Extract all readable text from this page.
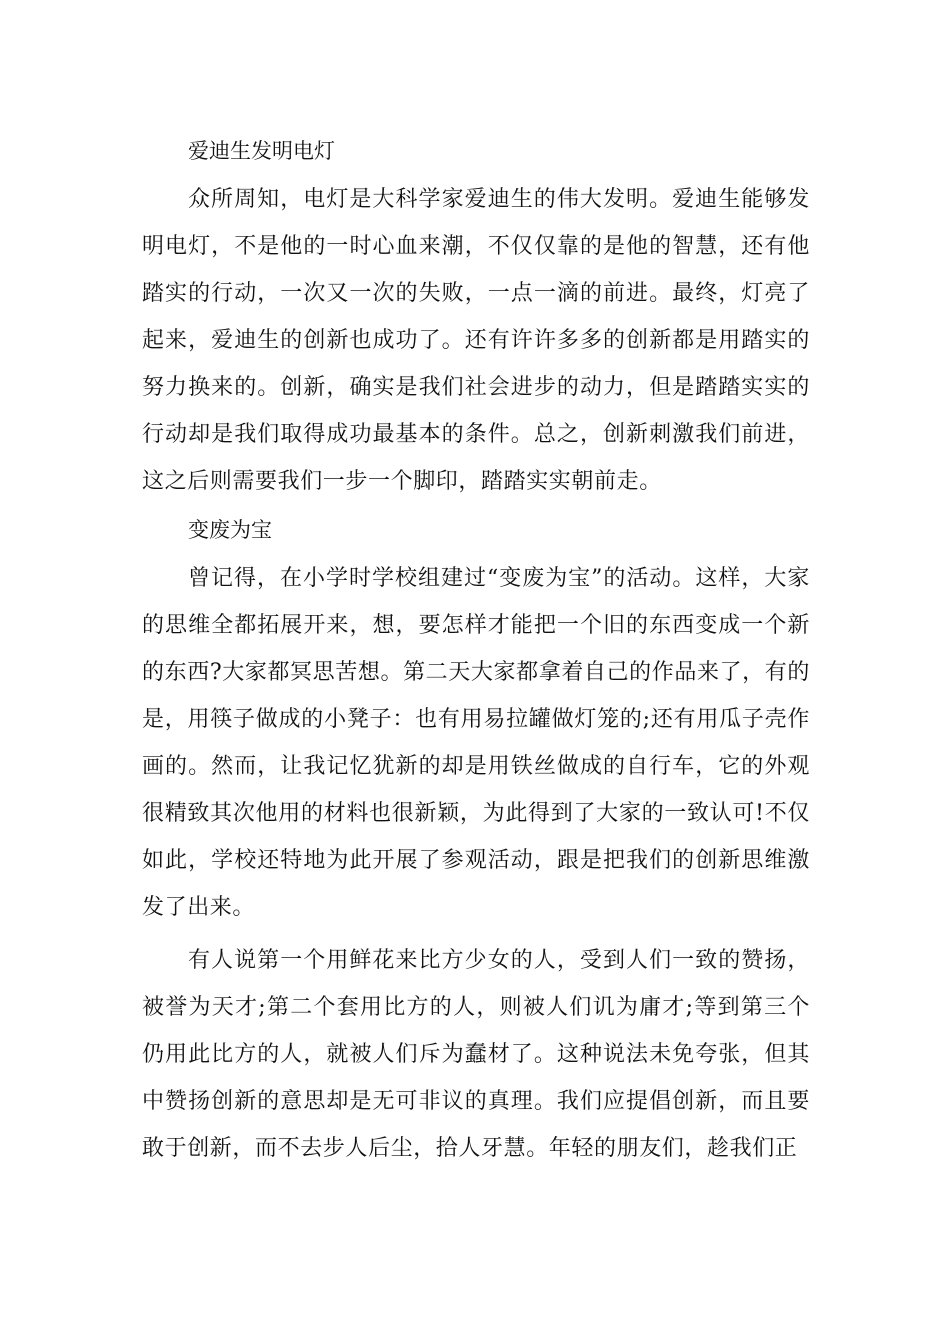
爱迪生发明电灯

众所周知，电灯是大科学家爱迪生的伟大发明。爱迪生能够发明电灯，不是他的一时心血来潮，不仅仅靠的是他的智慧，还有他踏实的行动，一次又一次的失败，一点一滴的前进。最终，灯亮了起来，爱迪生的创新也成功了。还有许许多多的创新都是用踏实的努力换来的。创新，确实是我们社会进步的动力，但是踏踏实实的行动却是我们取得成功最基本的条件。总之，创新刺激我们前进，这之后则需要我们一步一个脚印，踏踏实实朝前走。

变废为宝

曾记得，在小学时学校组建过“变废为宝”的活动。这样，大家的思维全都拓展开来，想，要怎样才能把一个旧的东西变成一个新的东西?大家都冥思苦想。第二天大家都拿着自己的作品来了，有的是，用筷子做成的小凳子：也有用易拉罐做灯笼的;还有用瓜子壳作画的。然而，让我记忆犹新的却是用铁丝做成的自行车，它的外观很精致其次他用的材料也很新颖，为此得到了大家的一致认可!不仅如此，学校还特地为此开展了参观活动，跟是把我们的创新思维激发了出来。

有人说第一个用鲜花来比方少女的人，受到人们一致的赞扬，被誉为天才;第二个套用比方的人，则被人们讥为庸才;等到第三个仍用此比方的人，就被人们斥为蠢材了。这种说法未免夸张，但其中赞扬创新的意思却是无可非议的真理。我们应提倡创新，而且要敢于创新，而不去步人后尘，拾人牙慧。年轻的朋友们，趁我们正
